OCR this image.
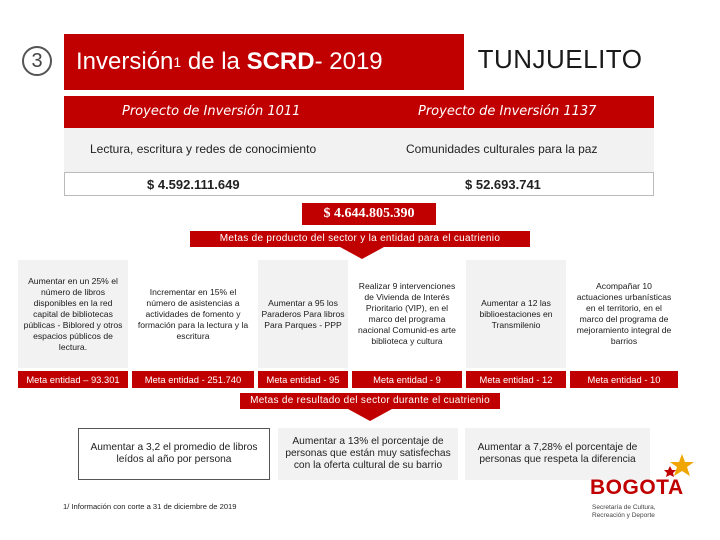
3 Inversión 1 de la SCRD - 2019	TUNJUELITO
Proyecto de Inversión 1011	Proyecto de Inversión 1137
Lectura, escritura y redes de conocimiento	Comunidades culturales para la paz
$ 4.592.111.649	$ 52.693.741
$ 4.644.805.390
Metas de producto del sector y la entidad para el cuatrienio
Aumentar en un 25% el número de libros disponibles en la red capital de bibliotecas públicas - Biblored y otros espacios públicos de lectura.
Incrementar en 15% el número de asistencias a actividades de fomento y formación para la lectura y la escritura
Aumentar a 95 los Paraderos Para libros Para Parques - PPP
Realizar 9 intervenciones de Vivienda de Interés Prioritario (VIP), en el marco del programa nacional Comunid-es arte biblioteca y cultura
Aumentar a 12 las biblioestaciones en Transmilenio
Acompañar 10 actuaciones urbanísticas en el territorio, en el marco del programa de mejoramiento integral de barrios
Meta entidad – 93.301	Meta entidad - 251.740	Meta entidad - 95	Meta entidad - 9	Meta entidad - 12	Meta entidad - 10
Metas de resultado del sector durante el cuatrienio
Aumentar a 3,2 el promedio de libros leídos al año por persona
Aumentar a 13% el porcentaje de personas que están muy satisfechas con la oferta cultural de su barrio
Aumentar a 7,28% el porcentaje de personas que respeta la diferencia
1/ Información con corte a 31 de diciembre de 2019
BOGOTA
Secretaría de Cultura,
Recreación y Deporte
